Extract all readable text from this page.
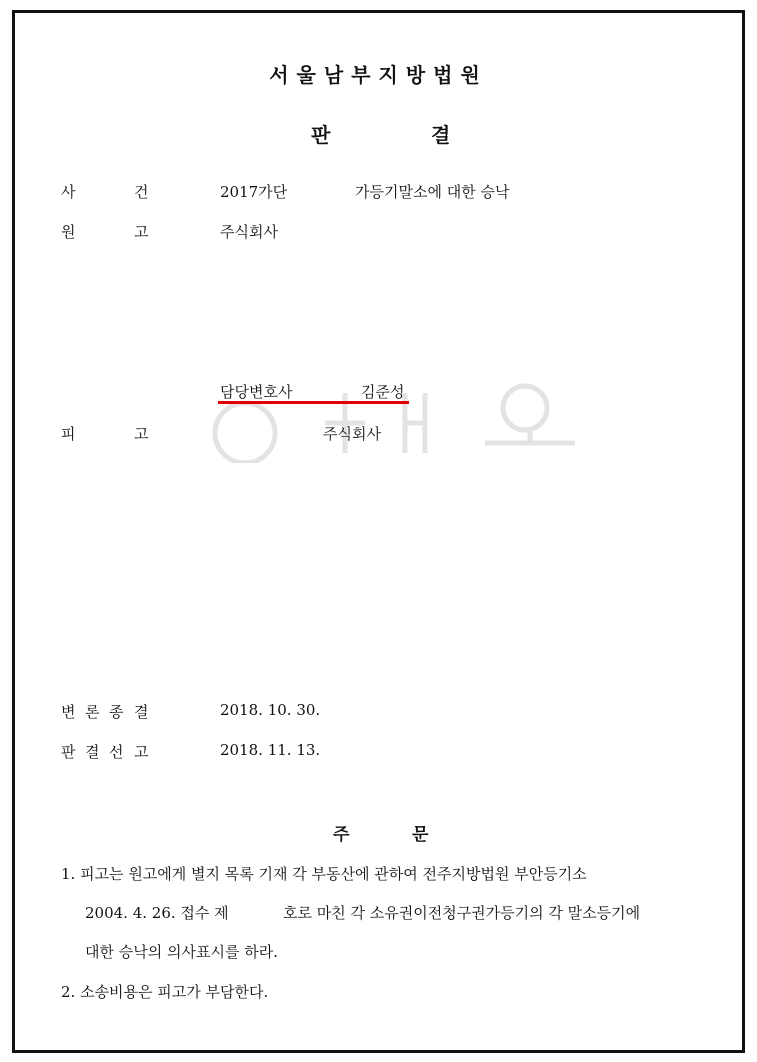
서울남부지방법원
판	결
사	건	2017가단	가등기말소에 대한 승낙
원	고	주식회사
담당변호사	김준성
피	고	주식회사
변 론 종 결	2018. 10. 30.
판 결 선 고	2018. 11. 13.
주	문
1. 피고는 원고에게 별지 목록 기재 각 부동산에 관하여 전주지방법원 부안등기소
2004. 4. 26. 접수 제	호로 마친 각 소유권이전청구권가등기의 각 말소등기에
대한 승낙의 의사표시를 하라.
2. 소송비용은 피고가 부담한다.
